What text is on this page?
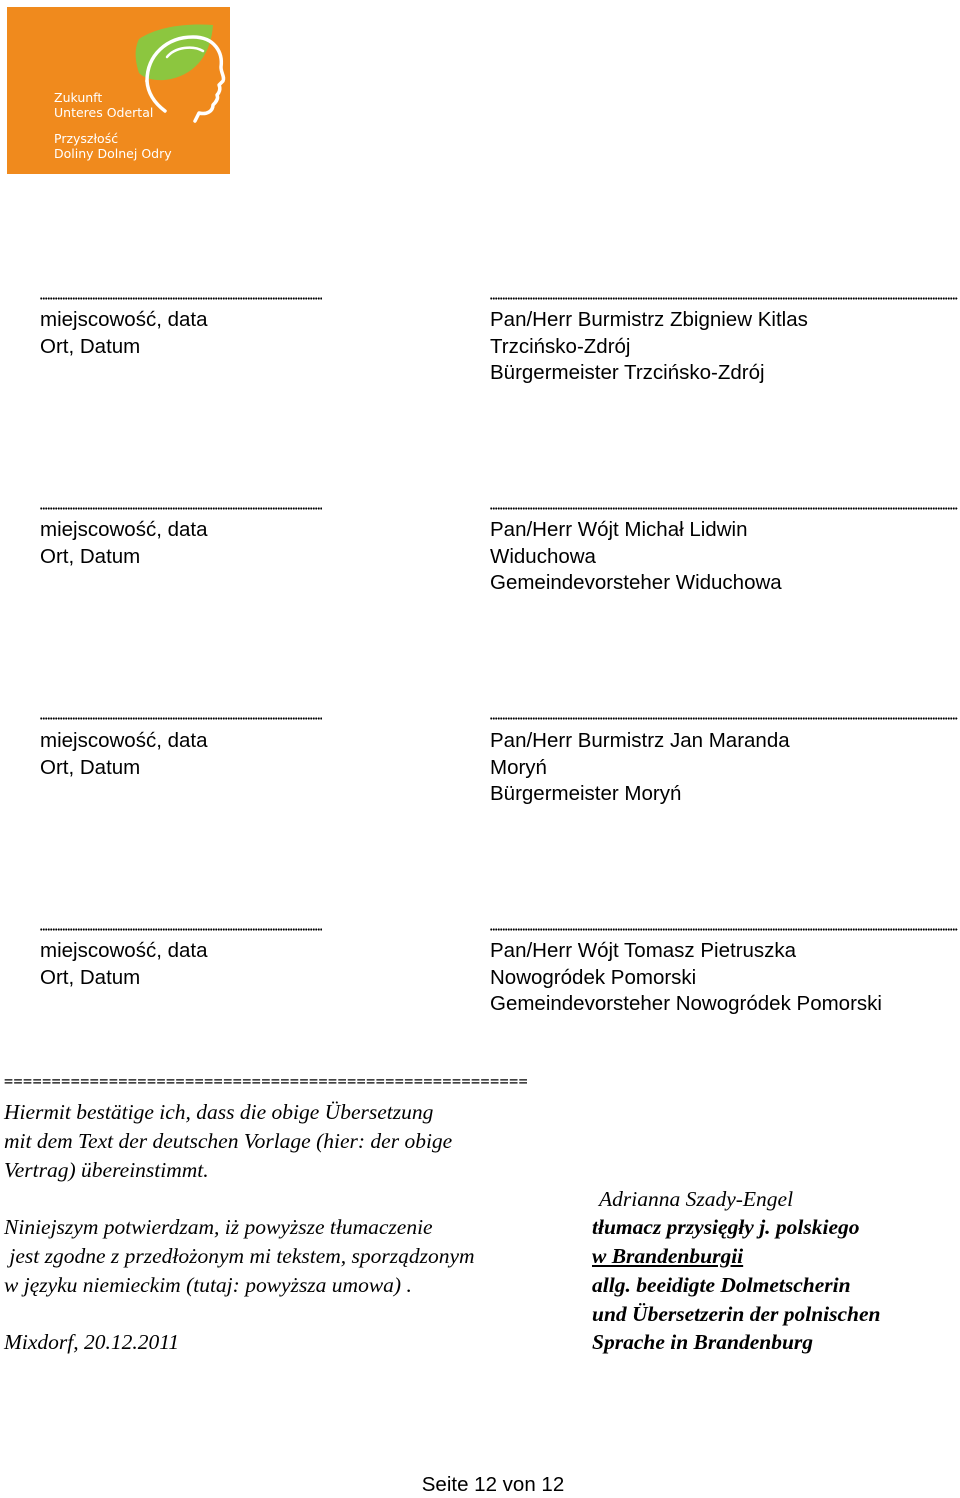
Zukunft
Unteres Odertal
Przyszłość
Doliny Dolnej Odry
miejscowość, data
Ort, Datum
Pan/Herr Burmistrz Zbigniew Kitlas
Trzcińsko-Zdrój
Bürgermeister Trzcińsko-Zdrój
miejscowość, data
Ort, Datum
Pan/Herr Wójt Michał Lidwin
Widuchowa
Gemeindevorsteher Widuchowa
miejscowość, data
Ort, Datum
Pan/Herr Burmistrz Jan Maranda
Moryń
Bürgermeister Moryń
miejscowość, data
Ort, Datum
Pan/Herr Wójt Tomasz Pietruszka
Nowogródek Pomorski
Gemeindevorsteher Nowogródek Pomorski
=======================================================
Hiermit bestätige ich, dass die obige Übersetzung
mit dem Text der deutschen Vorlage (hier: der obige
Vertrag) übereinstimmt.
Niniejszym potwierdzam, iż powyższe tłumaczenie
jest zgodne z przedłożonym mi tekstem, sporządzonym
w języku niemieckim (tutaj: powyższa umowa) .
Mixdorf, 20.12.2011
Adrianna Szady-Engel
tłumacz przysięgły j. polskiego
w Brandenburgii
allg. beeidigte Dolmetscherin
und Übersetzerin der polnischen
Sprache in Brandenburg
Seite 12 von 12
